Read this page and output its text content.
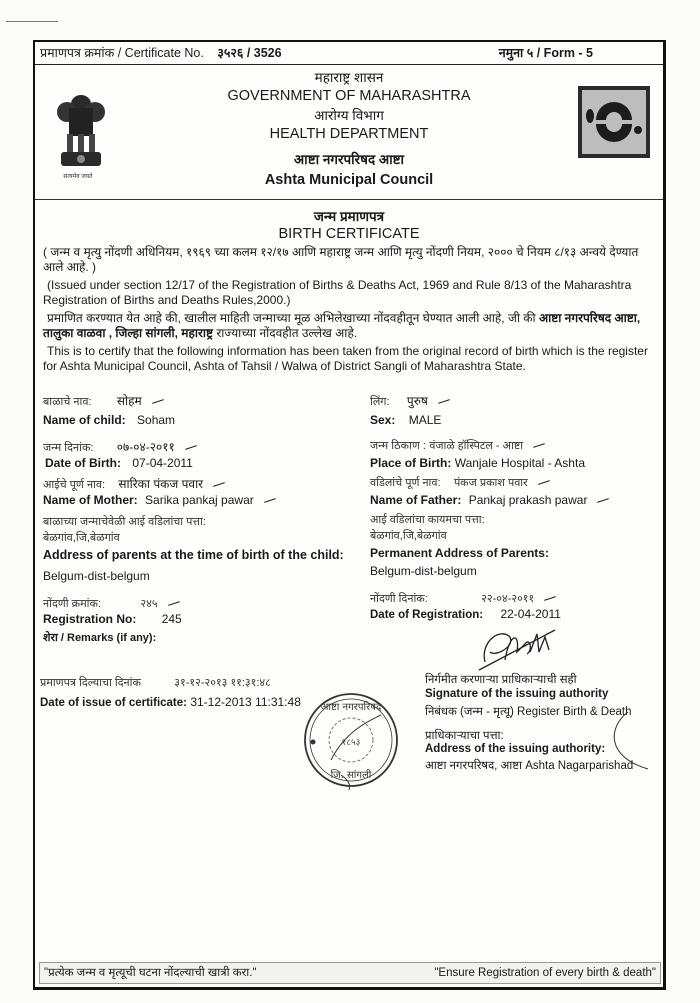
प्रमाणपत्र क्रमांक / Certificate No. ३५२६ / 3526	नमुना ५ / Form - 5
सत्यमेव जयते
महाराष्ट्र शासन
GOVERNMENT OF MAHARASHTRA
आरोग्य विभाग
HEALTH DEPARTMENT
आष्टा नगरपरिषद आष्टा
Ashta Municipal Council
जन्म प्रमाणपत्र
BIRTH CERTIFICATE
( जन्म व मृत्यु नोंदणी अधिनियम, १९६९ च्या कलम १२/१७ आणि महाराष्ट्र जन्म आणि मृत्यु नोंदणी नियम, २००० चे नियम ८/१३ अन्वये देण्यात आले आहे. )
(Issued under section 12/17 of the Registration of Births & Deaths Act, 1969 and Rule 8/13 of the Maharashtra Registration of Births and Deaths Rules,2000.)
प्रमाणित करण्यात येत आहे की, खालील माहिती जन्माच्या मूळ अभिलेखाच्या नोंदवहीतून घेण्यात आली आहे, जी की आष्टा नगरपरिषद आष्टा, तालुका वाळवा , जिल्हा सांगली, महाराष्ट्र राज्याच्या नोंदवहीत उल्लेख आहे.
This is to certify that the following information has been taken from the original record of birth which is the register for Ashta Municipal Council, Ashta of Tahsil / Walwa of District Sangli of Maharashtra State.
बाळाचे नाव: सोहम
Name of child: Soham
जन्म दिनांक: ०७-०४-२०११
Date of Birth: 07-04-2011
आईचे पूर्ण नाव: सारिका पंकज पवार
Name of Mother: Sarika pankaj pawar
बाळाच्या जन्माचेवेळी आई वडिलांचा पत्ता:
बेळगांव,जि,बेळगांव
Address of parents at the time of birth of the child:
Belgum-dist-belgum
नोंदणी क्रमांक:	२४५
Registration No: 245
शेरा / Remarks (if any):
लिंग: पुरुष
Sex: MALE
जन्म ठिकाण : वंजाळे हॉस्पिटल - आष्टा
Place of Birth: Wanjale Hospital - Ashta
वडिलांचे पूर्ण नाव: पंकज प्रकाश पवार
Name of Father: Pankaj prakash pawar
आई वडिलांचा कायमचा पत्ता:
बेळगांव,जि,बेळगांव
Permanent Address of Parents:
Belgum-dist-belgum
नोंदणी दिनांक:	२२-०४-२०११
Date of Registration: 22-04-2011
प्रमाणपत्र दिल्याचा दिनांक	३१-१२-२०१३ ११:३१:४८
Date of issue of certificate: 31-12-2013 11:31:48
निर्गमीत करणाऱ्या प्राधिकाऱ्याची सही
Signature of the issuing authority
निबंधक (जन्म - मृत्यू) Register Birth & Death
प्राधिकाऱ्याचा पत्ता:
Address of the issuing authority:
आष्टा नगरपरिषद, आष्टा Ashta Nagarparishad
आष्टा नगरपरिषद
१८५३
जि. सांगली
"प्रत्येक जन्म व मृत्यूची घटना नोंदल्याची खात्री करा."	"Ensure Registration of every birth & death"
